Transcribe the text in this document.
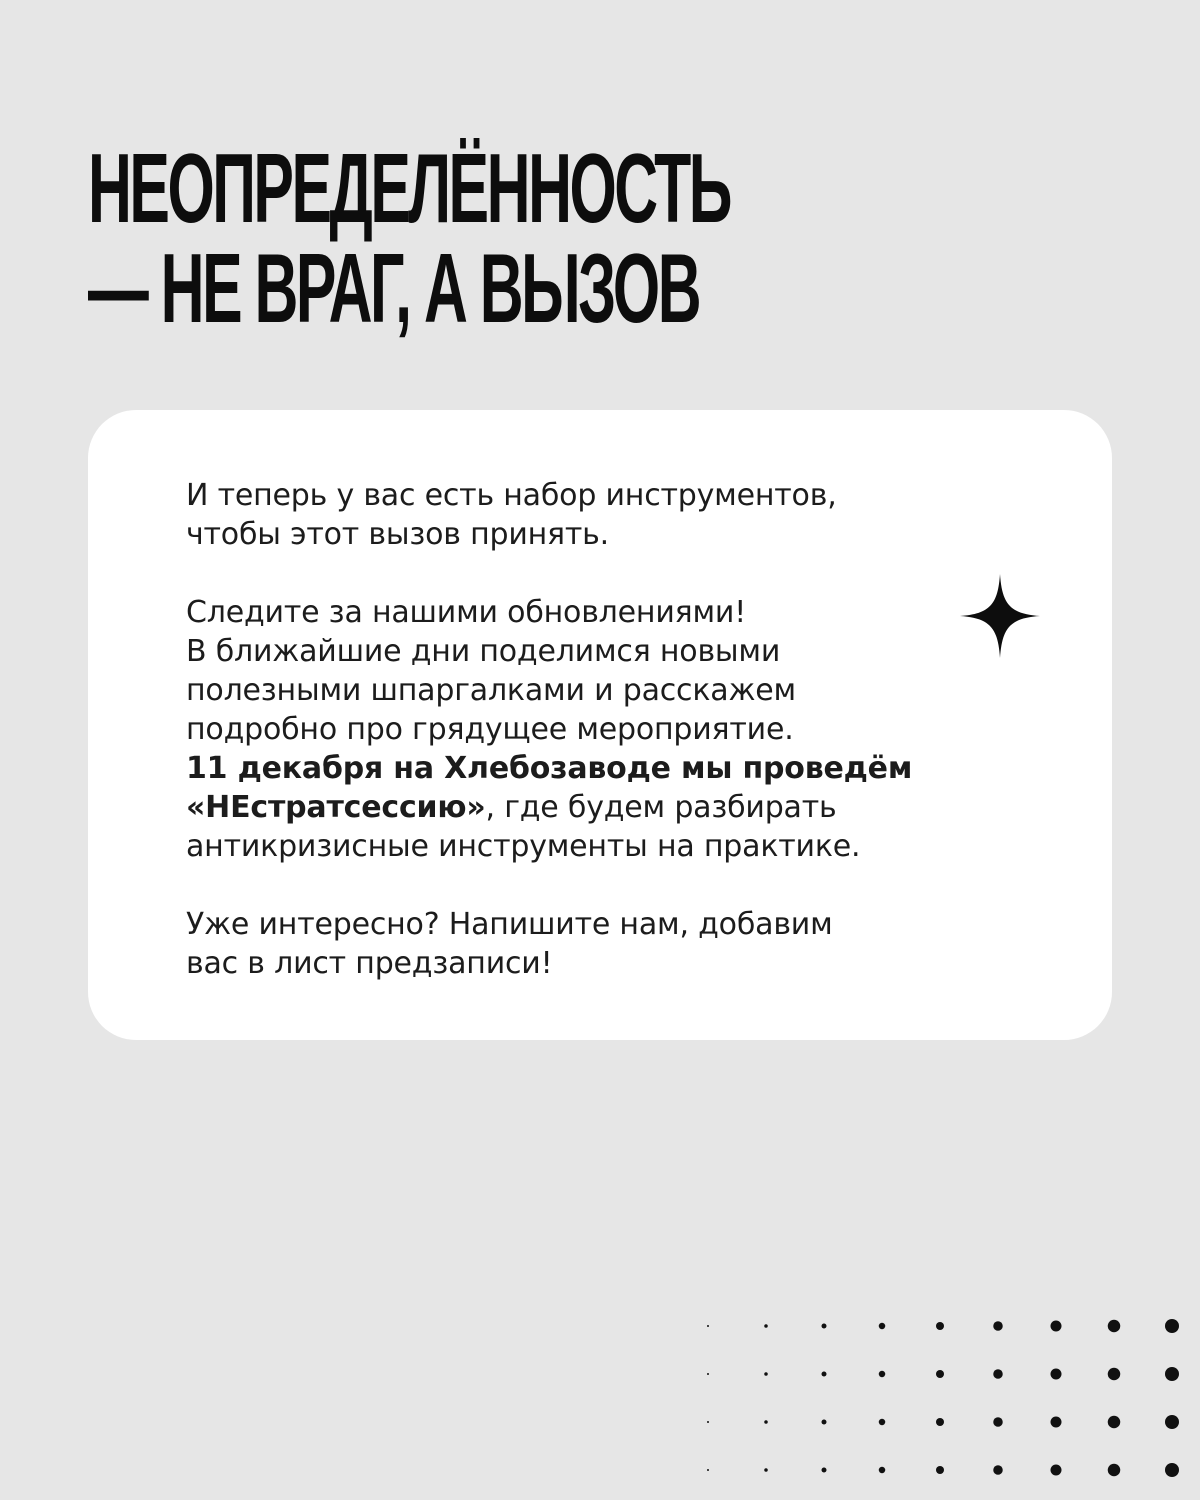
НЕОПРЕДЕЛЁННОСТЬ
— НЕ ВРАГ, А ВЫЗОВ

И теперь у вас есть набор инструментов,
чтобы этот вызов принять.

Следите за нашими обновлениями!
В ближайшие дни поделимся новыми
полезными шпаргалками и расскажем
подробно про грядущее мероприятие.
11 декабря на Хлебозаводе мы проведём
«НЕстратсессию», где будем разбирать
антикризисные инструменты на практике.

Уже интересно? Напишите нам, добавим
вас в лист предзаписи!
